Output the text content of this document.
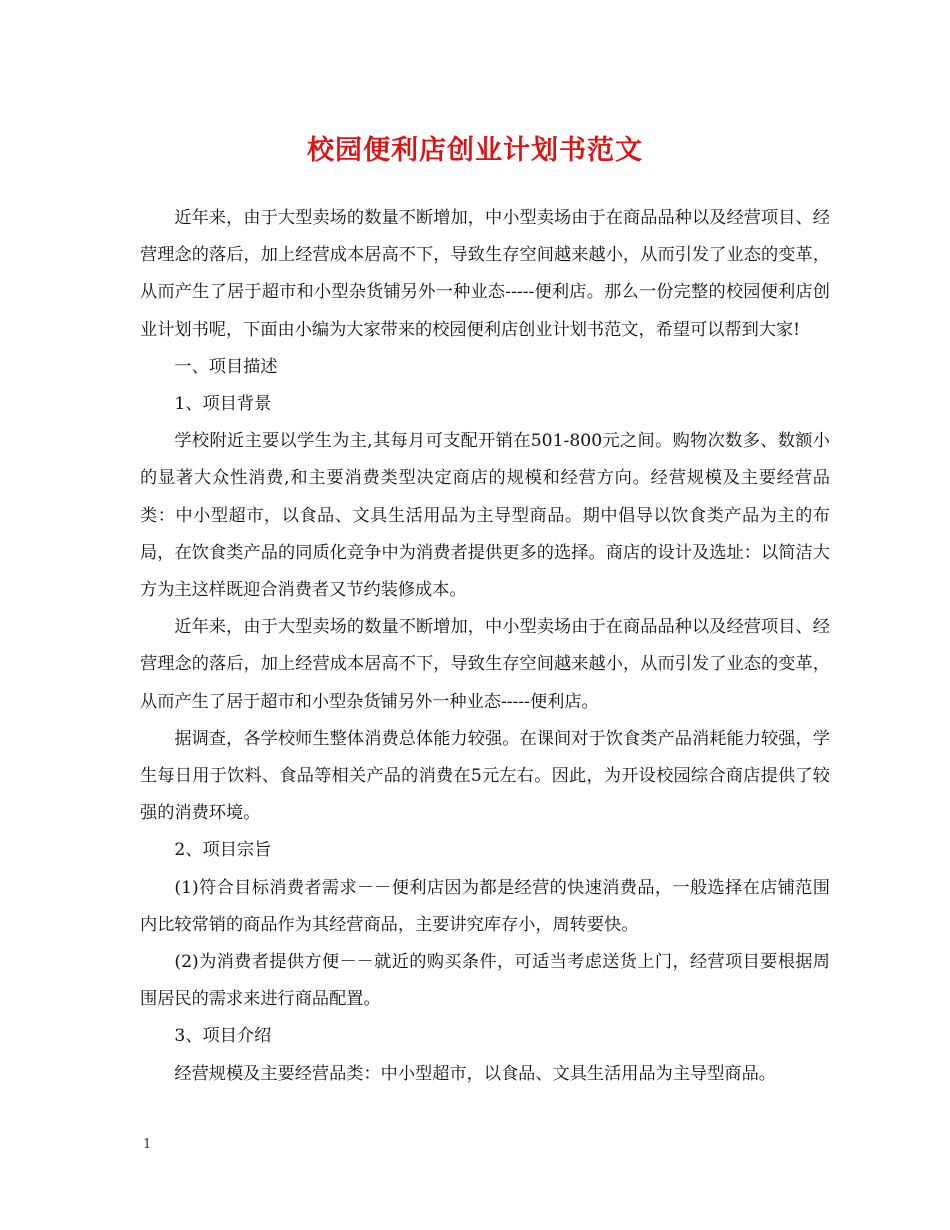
校园便利店创业计划书范文

近年来，由于大型卖场的数量不断增加，中小型卖场由于在商品品种以及经营项目、经营理念的落后，加上经营成本居高不下，导致生存空间越来越小，从而引发了业态的变革，从而产生了居于超市和小型杂货铺另外一种业态-----便利店。那么一份完整的校园便利店创业计划书呢，下面由小编为大家带来的校园便利店创业计划书范文，希望可以帮到大家!

一、项目描述

1、项目背景

学校附近主要以学生为主,其每月可支配开销在501-800元之间。购物次数多、数额小的显著大众性消费,和主要消费类型决定商店的规模和经营方向。经营规模及主要经营品类：中小型超市，以食品、文具生活用品为主导型商品。期中倡导以饮食类产品为主的布局，在饮食类产品的同质化竞争中为消费者提供更多的选择。商店的设计及选址：以简洁大方为主这样既迎合消费者又节约装修成本。

近年来，由于大型卖场的数量不断增加，中小型卖场由于在商品品种以及经营项目、经营理念的落后，加上经营成本居高不下，导致生存空间越来越小，从而引发了业态的变革，从而产生了居于超市和小型杂货铺另外一种业态-----便利店。

据调查，各学校师生整体消费总体能力较强。在课间对于饮食类产品消耗能力较强，学生每日用于饮料、食品等相关产品的消费在5元左右。因此，为开设校园综合商店提供了较强的消费环境。

2、项目宗旨

(1)符合目标消费者需求－－便利店因为都是经营的快速消费品，一般选择在店铺范围内比较常销的商品作为其经营商品，主要讲究库存小，周转要快。

(2)为消费者提供方便－－就近的购买条件，可适当考虑送货上门，经营项目要根据周围居民的需求来进行商品配置。

3、项目介绍

经营规模及主要经营品类：中小型超市，以食品、文具生活用品为主导型商品。

1
